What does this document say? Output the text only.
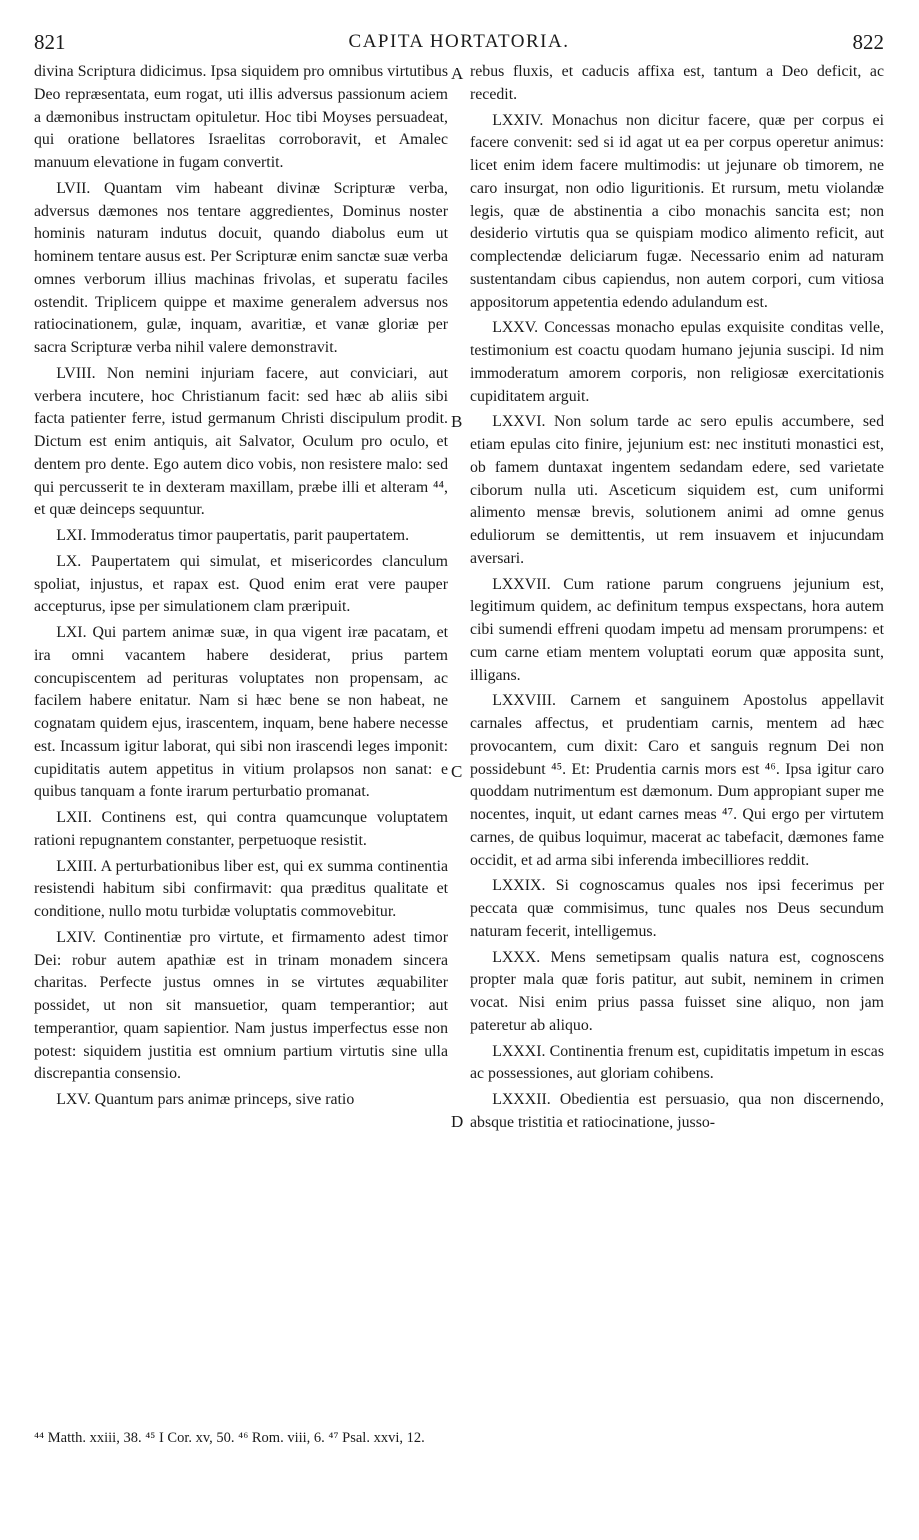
821	CAPITA HORTATORIA.	822

divina Scriptura didicimus. Ipsa siquidem pro omnibus virtutibus Deo repræsentata, eum rogat, uti illis adversus passionum aciem a dæmonibus instructam opituletur. Hoc tibi Moyses persuadeat, qui oratione bellatores Israelitas corroboravit, et Amalec manuum elevatione in fugam convertit.

LVII. Quantam vim habeant divinæ Scripturæ verba, adversus dæmones nos tentare aggredientes, Dominus noster hominis naturam indutus docuit, quando diabolus eum ut hominem tentare ausus est. Per Scripturæ enim sanctæ suæ verba omnes verborum illius machinas frivolas, et superatu faciles ostendit. Triplicem quippe et maxime generalem adversus nos ratiocinationem, gulæ, inquam, avaritiæ, et vanæ gloriæ per sacra Scripturæ verba nihil valere demonstravit.

LVIII. Non nemini injuriam facere, aut conviciari, aut verbera incutere, hoc Christianum facit: sed hæc ab aliis sibi facta patienter ferre, istud germanum Christi discipulum prodit. Dictum est enim antiquis, ait Salvator, Oculum pro oculo, et dentem pro dente. Ego autem dico vobis, non resistere malo: sed qui percusserit te in dexteram maxillam, præbe illi et alteram ⁴⁴, et quæ deinceps sequuntur.

LXI. Immoderatus timor paupertatis, parit paupertatem.

LX. Paupertatem qui simulat, et misericordes clanculum spoliat, injustus, et rapax est. Quod enim erat vere pauper accepturus, ipse per simulationem clam præripuit.

LXI. Qui partem animæ suæ, in qua vigent iræ pacatam, et ira omni vacantem habere desiderat, prius partem concupiscentem ad perituras voluptates non propensam, ac facilem habere enitatur. Nam si hæc bene se non habeat, ne cognatam quidem ejus, irascentem, inquam, bene habere necesse est. Incassum igitur laborat, qui sibi non irascendi leges imponit: cupiditatis autem appetitus in vitium prolapsos non sanat: e quibus tanquam a fonte irarum perturbatio promanat.

LXII. Continens est, qui contra quamcunque voluptatem rationi repugnantem constanter, perpetuoque resistit.

LXIII. A perturbationibus liber est, qui ex summa continentia resistendi habitum sibi confirmavit: qua præditus qualitate et conditione, nullo motu turbidæ voluptatis commovebitur.

LXIV. Continentiæ pro virtute, et firmamento adest timor Dei: robur autem apathiæ est in trinam monadem sincera charitas. Perfecte justus omnes in se virtutes æquabiliter possidet, ut non sit mansuetior, quam temperantior; aut temperantior, quam sapientior. Nam justus imperfectus esse non potest: siquidem justitia est omnium partium virtutis sine ulla discrepantia consensio.

LXV. Quantum pars animæ princeps, sive ratio

rebus fluxis, et caducis affixa est, tantum a Deo deficit, ac recedit.

LXXIV. Monachus non dicitur facere, quæ per corpus ei facere convenit: sed si id agat ut ea per corpus operetur animus: licet enim idem facere multimodis: ut jejunare ob timorem, ne caro insurgat, non odio liguritionis. Et rursum, metu violandæ legis, quæ de abstinentia a cibo monachis sancita est; non desiderio virtutis qua se quispiam modico alimento reficit, aut complectendæ deliciarum fugæ. Necessario enim ad naturam sustentandam cibus capiendus, non autem corpori, cum vitiosa appositorum appetentia edendo adulandum est.

LXXV. Concessas monacho epulas exquisite conditas velle, testimonium est coactu quodam humano jejunia suscipi. Id nim immoderatum amorem corporis, non religiosæ exercitationis cupiditatem arguit.

LXXVI. Non solum tarde ac sero epulis accumbere, sed etiam epulas cito finire, jejunium est: nec instituti monastici est, ob famem duntaxat ingentem sedandam edere, sed varietate ciborum nulla uti. Asceticum siquidem est, cum uniformi alimento mensæ brevis, solutionem animi ad omne genus eduliorum se demittentis, ut rem insuavem et injucundam aversari.

LXXVII. Cum ratione parum congruens jejunium est, legitimum quidem, ac definitum tempus exspectans, hora autem cibi sumendi effreni quodam impetu ad mensam prorumpens: et cum carne etiam mentem voluptati eorum quæ apposita sunt, illigans.

LXXVIII. Carnem et sanguinem Apostolus appellavit carnales affectus, et prudentiam carnis, mentem ad hæc provocantem, cum dixit: Caro et sanguis regnum Dei non possidebunt ⁴⁵. Et: Prudentia carnis mors est ⁴⁶. Ipsa igitur caro quoddam nutrimentum est dæmonum. Dum appropiant super me nocentes, inquit, ut edant carnes meas ⁴⁷. Qui ergo per virtutem carnes, de quibus loquimur, macerat ac tabefacit, dæmones fame occidit, et ad arma sibi inferenda imbecilliores reddit.

LXXIX. Si cognoscamus quales nos ipsi fecerimus per peccata quæ commisimus, tunc quales nos Deus secundum naturam fecerit, intelligemus.

LXXX. Mens semetipsam qualis natura est, cognoscens propter mala quæ foris patitur, aut subit, neminem in crimen vocat. Nisi enim prius passa fuisset sine aliquo, non jam pateretur ab aliquo.

LXXXI. Continentia frenum est, cupiditatis impetum in escas ac possessiones, aut gloriam cohibens.

LXXXII. Obedientia est persuasio, qua non discernendo, absque tristitia et ratiocinatione, jusso-

A
B
C
D
⁴⁴ Matth. xxiii, 38. ⁴⁵ I Cor. xv, 50. ⁴⁶ Rom. viii, 6. ⁴⁷ Psal. xxvi, 12.
